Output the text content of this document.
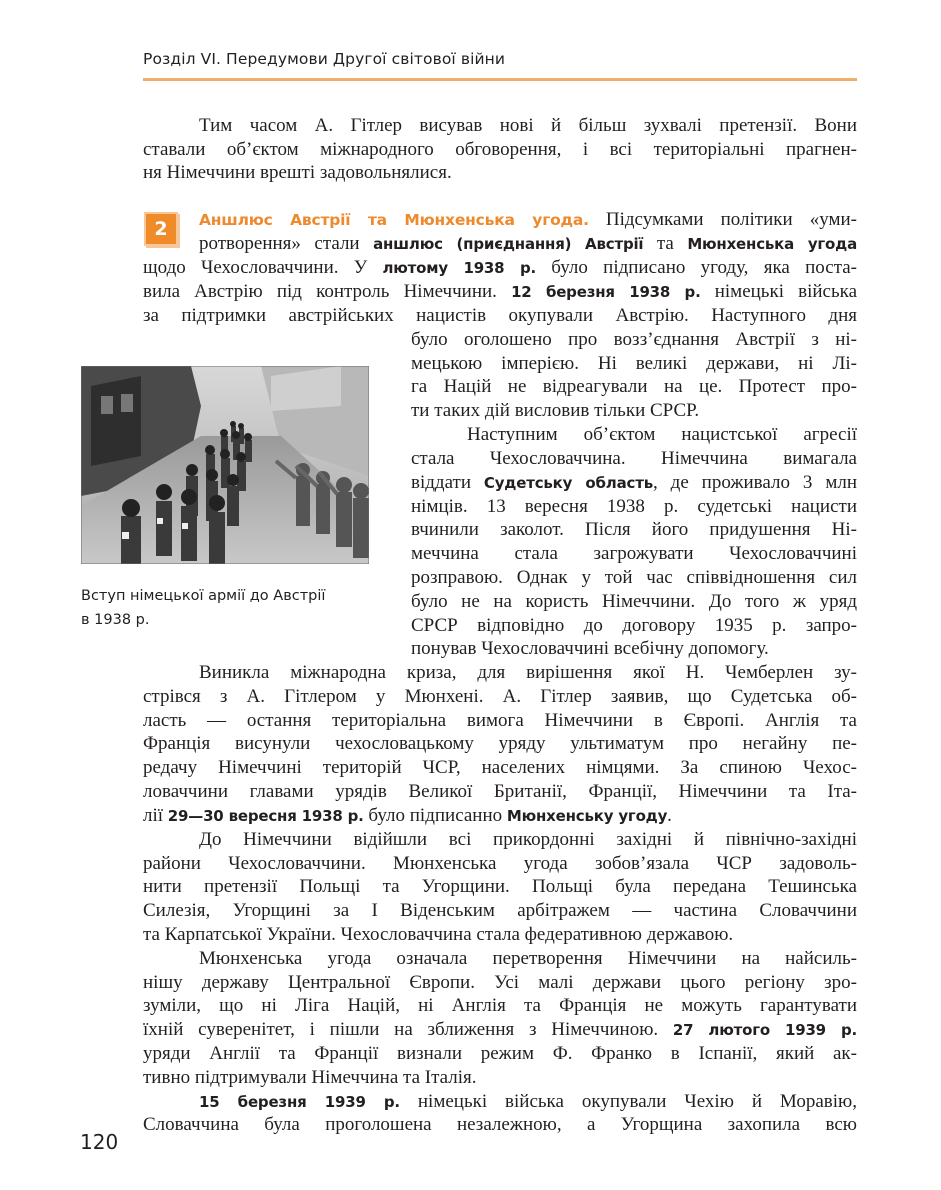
Розділ VI. Передумови Другої світової війни
Тим часом А. Гітлер висував нові й більш зухвалі претензії. Вони
ставали об’єктом міжнародного обговорення, і всі територіальні прагнен-
ня Німеччини врешті задовольнялися.
2	Аншлюс Австрії та Мюнхенська угода. Підсумками політики «уми-
ротворення» стали аншлюс (приєднання) Австрії та Мюнхенська угода
щодо Чехословаччини. У лютому 1938 р. було підписано угоду, яка поста-
вила Австрію під контроль Німеччини. 12 березня 1938 р. німецькі війська
за підтримки австрійських нацистів окупували Австрію. Наступного дня
було оголошено про возз’єднання Австрії з ні-
мецькою імперією. Ні великі держави, ні Лі-
га Націй не відреагували на це. Протест про-
ти таких дій висловив тільки СРСР.
Наступним об’єктом нацистської агресії
стала Чехословаччина. Німеччина вимагала
віддати Судетську область, де проживало 3 млн
німців. 13 вересня 1938 р. судетські нацисти
вчинили заколот. Після його придушення Ні-
меччина стала загрожувати Чехословаччині
розправою. Однак у той час співвідношення сил
було не на користь Німеччини. До того ж уряд
СРСР відповідно до договору 1935 р. запро-
понував Чехословаччині всебічну допомогу.
Вступ німецької армії до Австрії
в 1938 р.
Виникла міжнародна криза, для вирішення якої Н. Чемберлен зу-
стрівся з А. Гітлером у Мюнхені. А. Гітлер заявив, що Судетська об-
ласть — остання територіальна вимога Німеччини в Європі. Англія та
Франція висунули чехословацькому уряду ультиматум про негайну пе-
редачу Німеччині територій ЧСР, населених німцями. За спиною Чехос-
ловаччини главами урядів Великої Британії, Франції, Німеччини та Іта-
лії 29—30 вересня 1938 р. було підписанно Мюнхенську угоду.
До Німеччини відійшли всі прикордонні західні й північно-західні
райони Чехословаччини. Мюнхенська угода зобов’язала ЧСР задоволь-
нити претензії Польщі та Угорщини. Польщі була передана Тешинська
Силезія, Угорщині за І Віденським арбітражем — частина Словаччини
та Карпатської України. Чехословаччина стала федеративною державою.
Мюнхенська угода означала перетворення Німеччини на найсиль-
нішу державу Центральної Європи. Усі малі держави цього регіону зро-
зуміли, що ні Ліга Націй, ні Англія та Франція не можуть гарантувати
їхній суверенітет, і пішли на зближення з Німеччиною. 27 лютого 1939 р.
уряди Англії та Франції визнали режим Ф. Франко в Іспанії, який ак-
тивно підтримували Німеччина та Італія.
15 березня 1939 р. німецькі війська окупували Чехію й Моравію,
Словаччина була проголошена незалежною, а Угорщина захопила всю
120
